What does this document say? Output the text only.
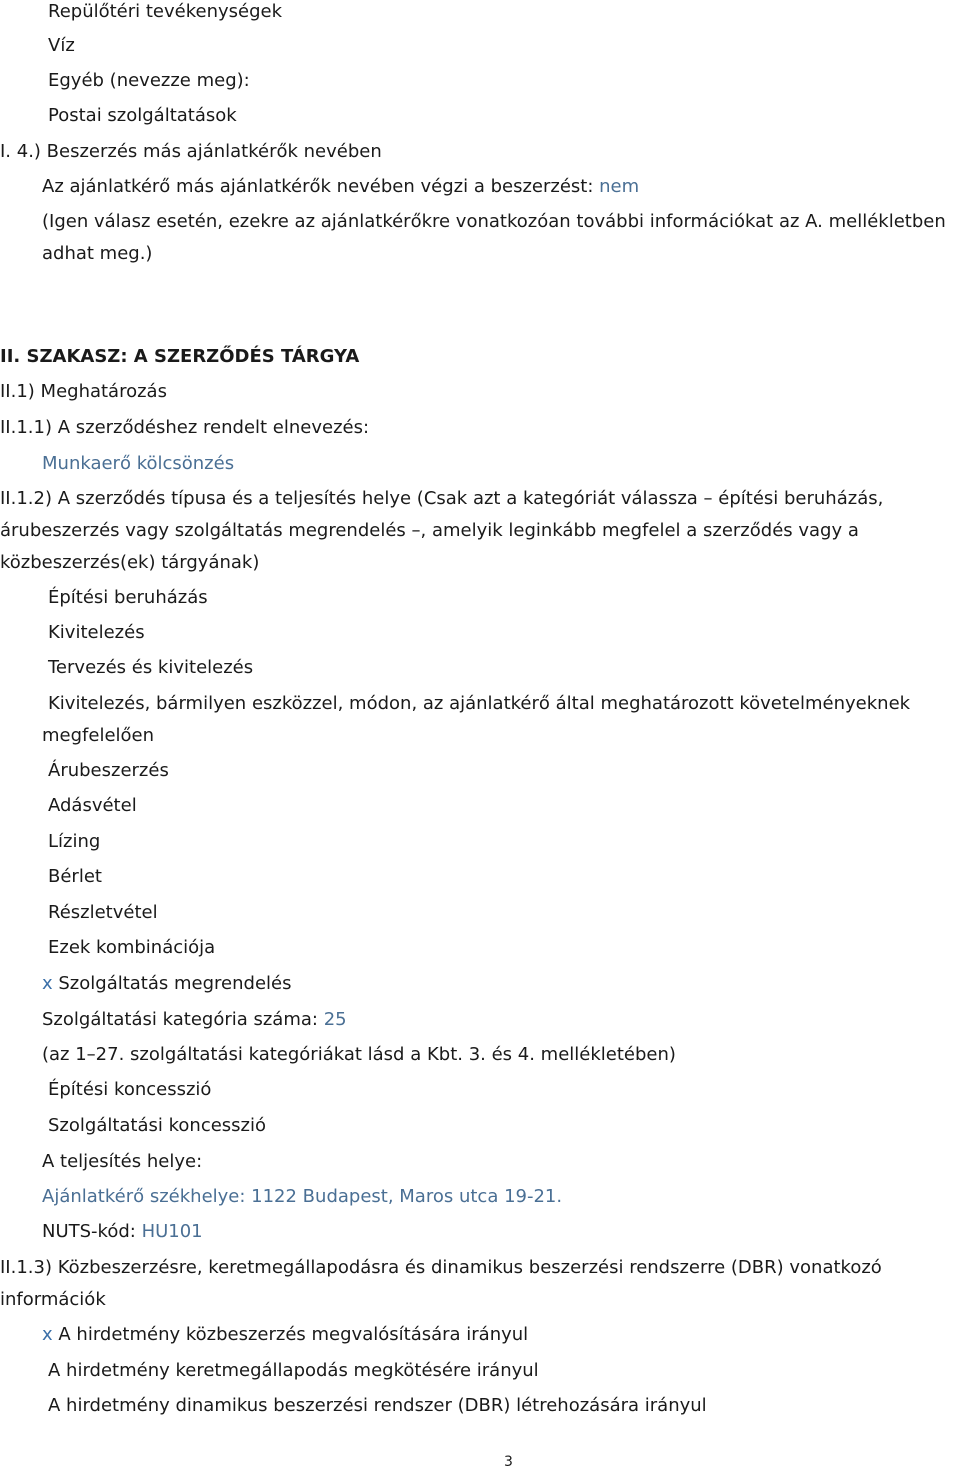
Repülőtéri tevékenységek
Víz
Egyéb (nevezze meg):
Postai szolgáltatások
I. 4.) Beszerzés más ajánlatkérők nevében
Az ajánlatkérő más ajánlatkérők nevében végzi a beszerzést: nem
(Igen válasz esetén, ezekre az ajánlatkérőkre vonatkozóan további információkat az A. mellékletben
adhat meg.)
II. SZAKASZ: A SZERZŐDÉS TÁRGYA
II.1) Meghatározás
II.1.1) A szerződéshez rendelt elnevezés:
Munkaerő kölcsönzés
II.1.2) A szerződés típusa és a teljesítés helye (Csak azt a kategóriát válassza – építési beruházás,
árubeszerzés vagy szolgáltatás megrendelés –, amelyik leginkább megfelel a szerződés vagy a
közbeszerzés(ek) tárgyának)
Építési beruházás
Kivitelezés
Tervezés és kivitelezés
Kivitelezés, bármilyen eszközzel, módon, az ajánlatkérő által meghatározott követelményeknek
megfelelően
Árubeszerzés
Adásvétel
Lízing
Bérlet
Részletvétel
Ezek kombinációja
x Szolgáltatás megrendelés
Szolgáltatási kategória száma: 25
(az 1–27. szolgáltatási kategóriákat lásd a Kbt. 3. és 4. mellékletében)
Építési koncesszió
Szolgáltatási koncesszió
A teljesítés helye:
Ajánlatkérő székhelye: 1122 Budapest, Maros utca 19-21.
NUTS-kód: HU101
II.1.3) Közbeszerzésre, keretmegállapodásra és dinamikus beszerzési rendszerre (DBR) vonatkozó
információk
x A hirdetmény közbeszerzés megvalósítására irányul
A hirdetmény keretmegállapodás megkötésére irányul
A hirdetmény dinamikus beszerzési rendszer (DBR) létrehozására irányul
3
